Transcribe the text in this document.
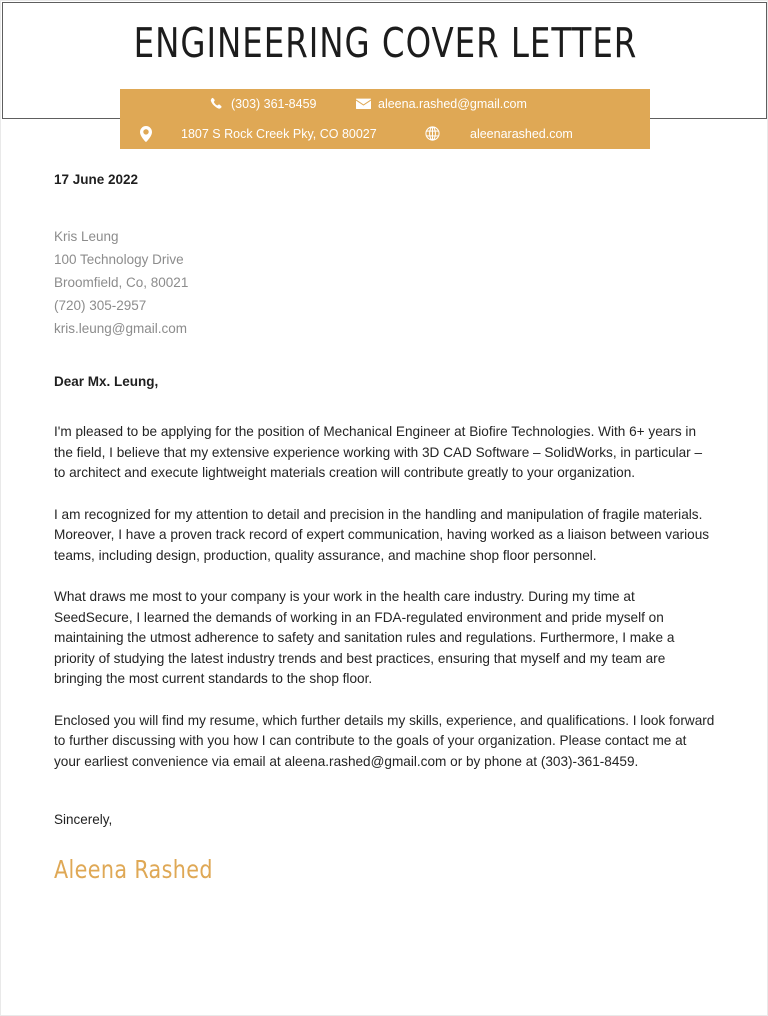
ENGINEERING COVER LETTER
(303) 361-8459	aleena.rashed@gmail.com
1807 S Rock Creek Pky, CO 80027	aleenarashed.com
17 June 2022
Kris Leung
100 Technology Drive
Broomfield, Co, 80021
(720) 305-2957
kris.leung@gmail.com
Dear Mx. Leung,

I'm pleased to be applying for the position of Mechanical Engineer at Biofire Technologies. With 6+ years in the field, I believe that my extensive experience working with 3D CAD Software – SolidWorks, in particular – to architect and execute lightweight materials creation will contribute greatly to your organization.

I am recognized for my attention to detail and precision in the handling and manipulation of fragile materials. Moreover, I have a proven track record of expert communication, having worked as a liaison between various teams, including design, production, quality assurance, and machine shop floor personnel.

What draws me most to your company is your work in the health care industry. During my time at SeedSecure, I learned the demands of working in an FDA-regulated environment and pride myself on maintaining the utmost adherence to safety and sanitation rules and regulations. Furthermore, I make a priority of studying the latest industry trends and best practices, ensuring that myself and my team are bringing the most current standards to the shop floor.

Enclosed you will find my resume, which further details my skills, experience, and qualifications. I look forward to further discussing with you how I can contribute to the goals of your organization. Please contact me at your earliest convenience via email at aleena.rashed@gmail.com or by phone at (303)-361-8459.

Sincerely,
Aleena Rashed
